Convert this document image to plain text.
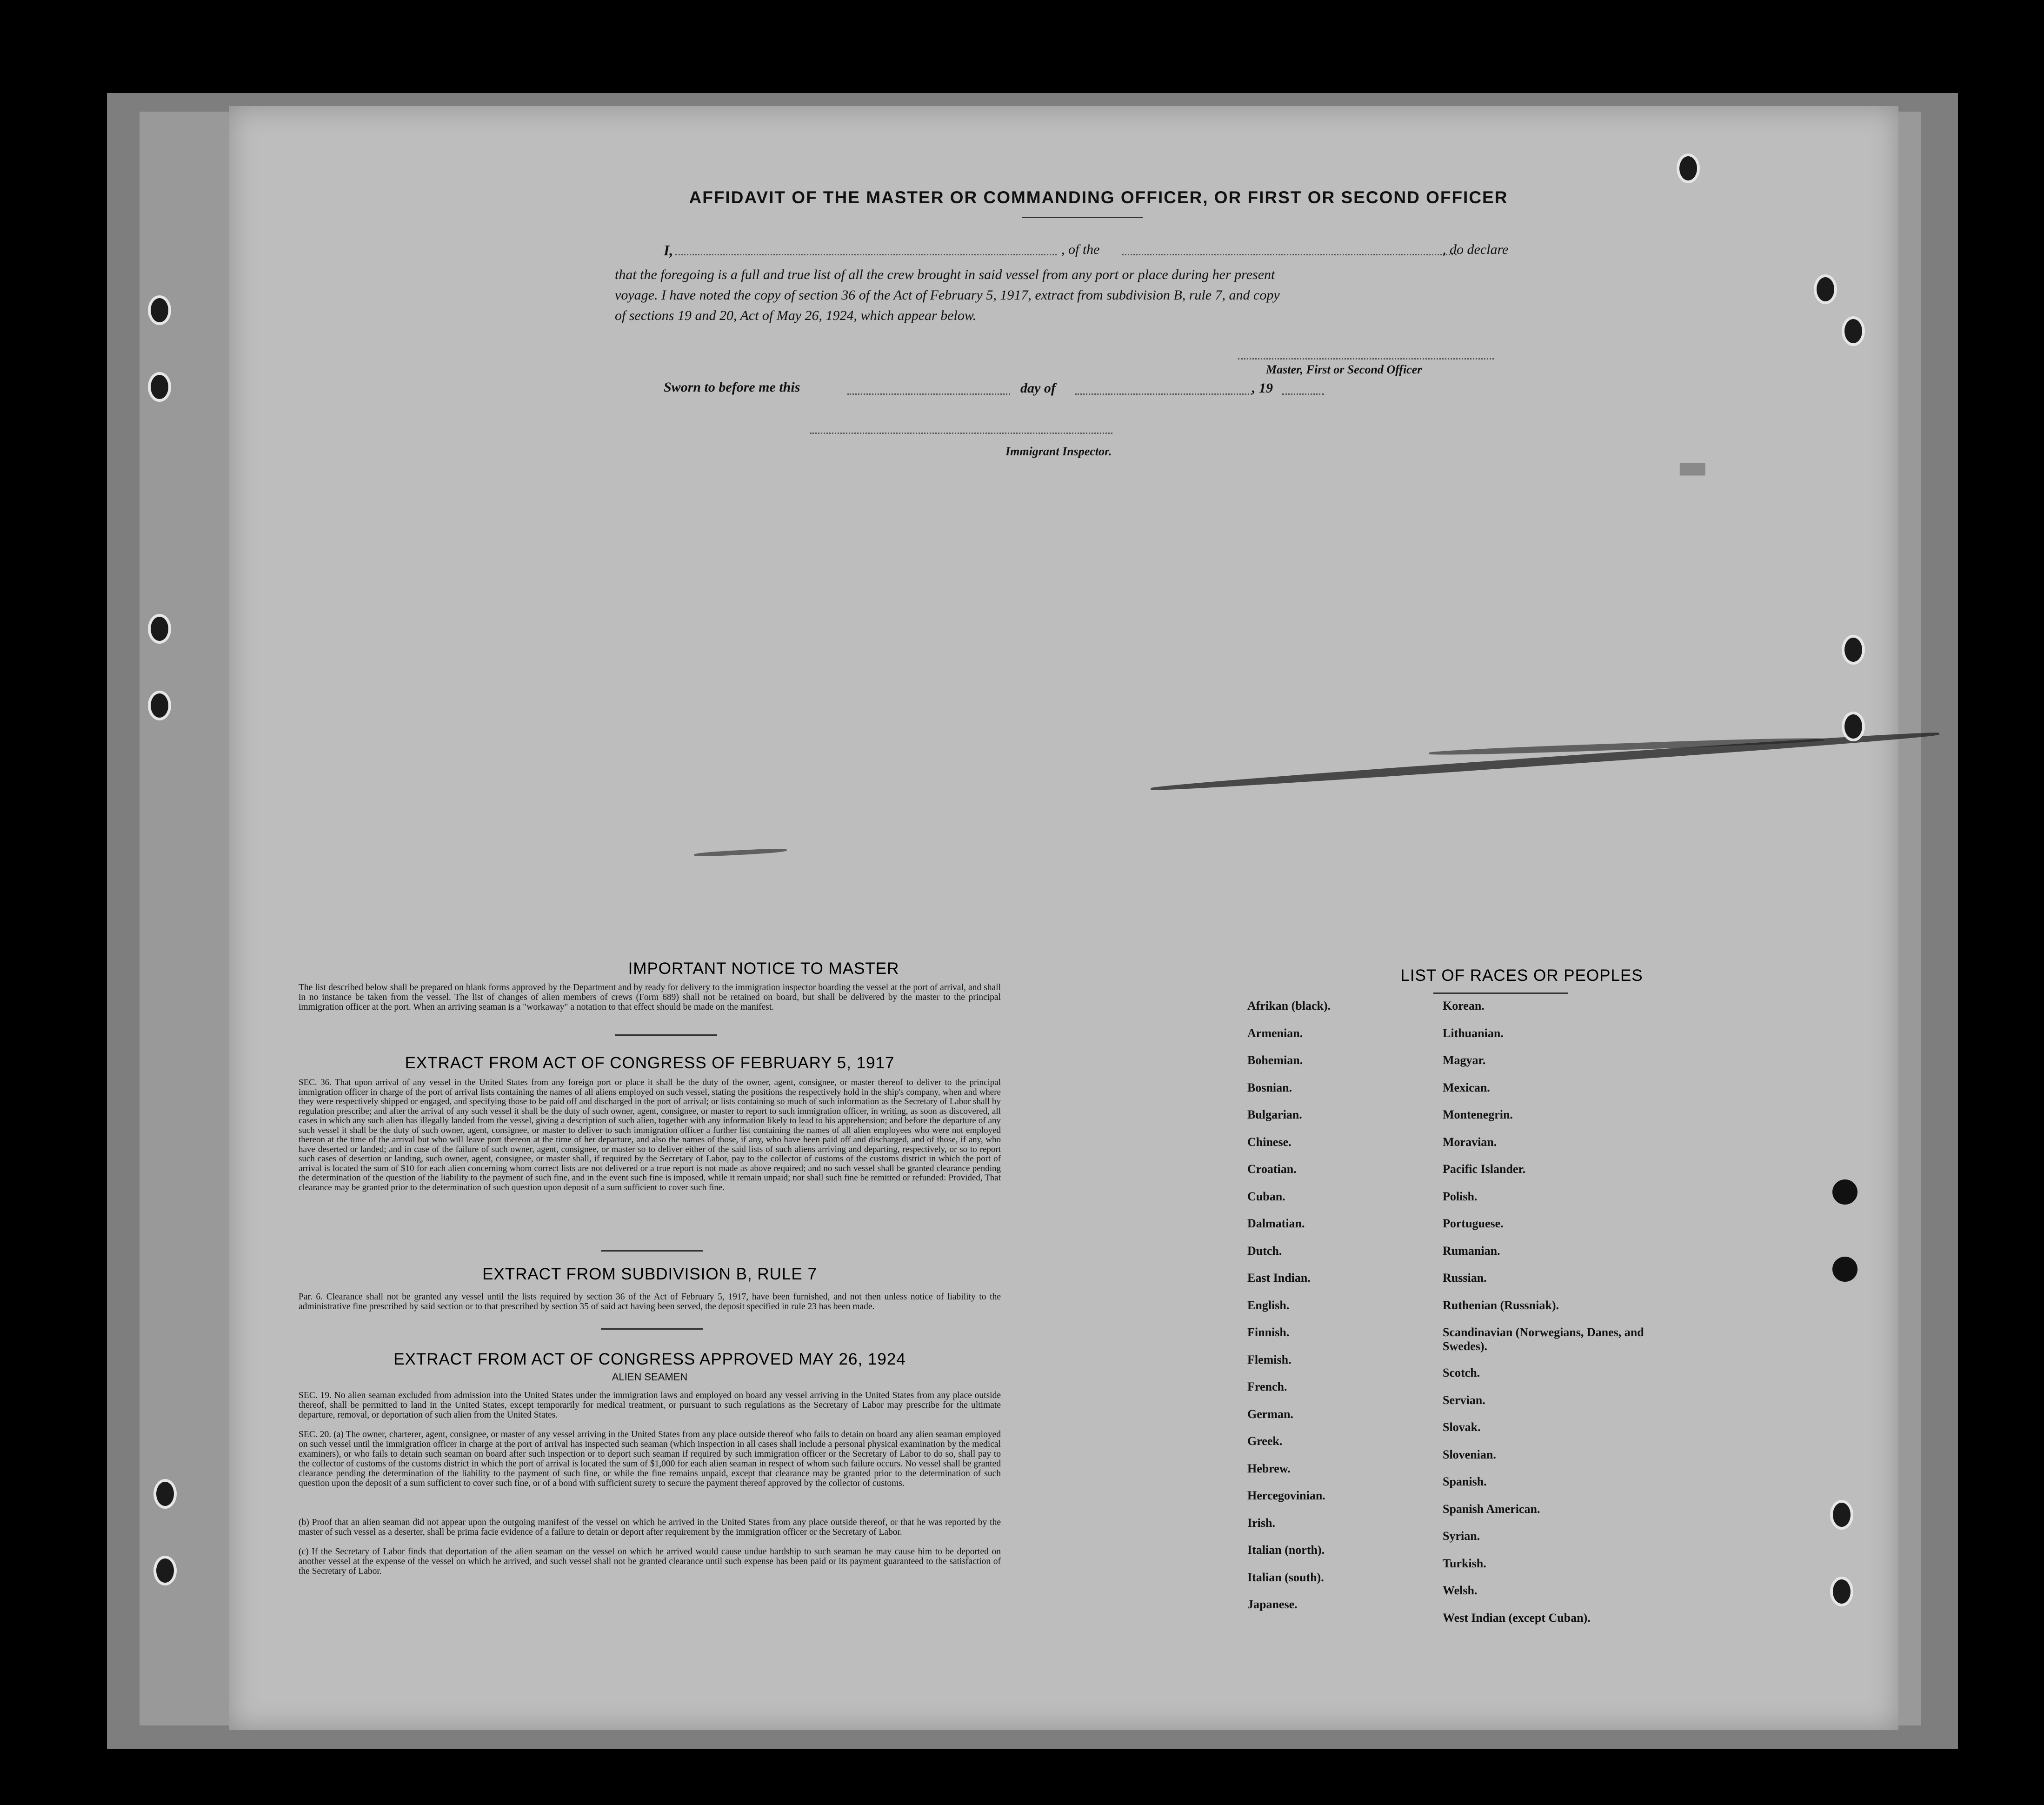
▆▆▆
AFFIDAVIT OF THE MASTER OR COMMANDING OFFICER, OR FIRST OR SECOND OFFICER
I,	, of the	, do declare
that the foregoing is a full and true list of all the crew brought in said vessel from any port or place during her present
voyage. I have noted the copy of section 36 of the Act of February 5, 1917, extract from subdivision B, rule 7, and copy
of sections 19 and 20, Act of May 26, 1924, which appear below.
Master, First or Second Officer
Sworn to before me this	day of	, 19
Immigrant Inspector.
IMPORTANT NOTICE TO MASTER
The list described below shall be prepared on blank forms approved by the Department and by ready for delivery to the immigration inspector boarding the vessel at the port of arrival, and shall in no instance be taken from the vessel. The list of changes of alien members of crews (Form 689) shall not be retained on board, but shall be delivered by the master to the principal immigration officer at the port. When an arriving seaman is a "workaway" a notation to that effect should be made on the manifest.
EXTRACT FROM ACT OF CONGRESS OF FEBRUARY 5, 1917
SEC. 36. That upon arrival of any vessel in the United States from any foreign port or place it shall be the duty of the owner, agent, consignee, or master thereof to deliver to the principal immigration officer in charge of the port of arrival lists containing the names of all aliens employed on such vessel, stating the positions the respectively hold in the ship's company, when and where they were respectively shipped or engaged, and specifying those to be paid off and discharged in the port of arrival; or lists containing so much of such information as the Secretary of Labor shall by regulation prescribe; and after the arrival of any such vessel it shall be the duty of such owner, agent, consignee, or master to report to such immigration officer, in writing, as soon as discovered, all cases in which any such alien has illegally landed from the vessel, giving a description of such alien, together with any information likely to lead to his apprehension; and before the departure of any such vessel it shall be the duty of such owner, agent, consignee, or master to deliver to such immigration officer a further list containing the names of all alien employees who were not employed thereon at the time of the arrival but who will leave port thereon at the time of her departure, and also the names of those, if any, who have been paid off and discharged, and of those, if any, who have deserted or landed; and in case of the failure of such owner, agent, consignee, or master so to deliver either of the said lists of such aliens arriving and departing, respectively, or so to report such cases of desertion or landing, such owner, agent, consignee, or master shall, if required by the Secretary of Labor, pay to the collector of customs of the customs district in which the port of arrival is located the sum of $10 for each alien concerning whom correct lists are not delivered or a true report is not made as above required; and no such vessel shall be granted clearance pending the determination of the question of the liability to the payment of such fine, and in the event such fine is imposed, while it remain unpaid; nor shall such fine be remitted or refunded: Provided, That clearance may be granted prior to the determination of such question upon deposit of a sum sufficient to cover such fine.
EXTRACT FROM SUBDIVISION B, RULE 7
Par. 6. Clearance shall not be granted any vessel until the lists required by section 36 of the Act of February 5, 1917, have been furnished, and not then unless notice of liability to the administrative fine prescribed by said section or to that prescribed by section 35 of said act having been served, the deposit specified in rule 23 has been made.
EXTRACT FROM ACT OF CONGRESS APPROVED MAY 26, 1924
ALIEN SEAMEN
SEC. 19. No alien seaman excluded from admission into the United States under the immigration laws and employed on board any vessel arriving in the United States from any place outside thereof, shall be permitted to land in the United States, except temporarily for medical treatment, or pursuant to such regulations as the Secretary of Labor may prescribe for the ultimate departure, removal, or deportation of such alien from the United States.
SEC. 20. (a) The owner, charterer, agent, consignee, or master of any vessel arriving in the United States from any place outside thereof who fails to detain on board any alien seaman employed on such vessel until the immigration officer in charge at the port of arrival has inspected such seaman (which inspection in all cases shall include a personal physical examination by the medical examiners), or who fails to detain such seaman on board after such inspection or to deport such seaman if required by such immigration officer or the Secretary of Labor to do so, shall pay to the collector of customs of the customs district in which the port of arrival is located the sum of $1,000 for each alien seaman in respect of whom such failure occurs. No vessel shall be granted clearance pending the determination of the liability to the payment of such fine, or while the fine remains unpaid, except that clearance may be granted prior to the determination of such question upon the deposit of a sum sufficient to cover such fine, or of a bond with sufficient surety to secure the payment thereof approved by the collector of customs.
(b) Proof that an alien seaman did not appear upon the outgoing manifest of the vessel on which he arrived in the United States from any place outside thereof, or that he was reported by the master of such vessel as a deserter, shall be prima facie evidence of a failure to detain or deport after requirement by the immigration officer or the Secretary of Labor.
(c) If the Secretary of Labor finds that deportation of the alien seaman on the vessel on which he arrived would cause undue hardship to such seaman he may cause him to be deported on another vessel at the expense of the vessel on which he arrived, and such vessel shall not be granted clearance until such expense has been paid or its payment guaranteed to the satisfaction of the Secretary of Labor.
LIST OF RACES OR PEOPLES
Afrikan (black).
Armenian.
Bohemian.
Bosnian.
Bulgarian.
Chinese.
Croatian.
Cuban.
Dalmatian.
Dutch.
East Indian.
English.
Finnish.
Flemish.
French.
German.
Greek.
Hebrew.
Hercegovinian.
Irish.
Italian (north).
Italian (south).
Japanese.
Korean.
Lithuanian.
Magyar.
Mexican.
Montenegrin.
Moravian.
Pacific Islander.
Polish.
Portuguese.
Rumanian.
Russian.
Ruthenian (Russniak).
Scandinavian (Norwegians, Danes, and Swedes).
Scotch.
Servian.
Slovak.
Slovenian.
Spanish.
Spanish American.
Syrian.
Turkish.
Welsh.
West Indian (except Cuban).
